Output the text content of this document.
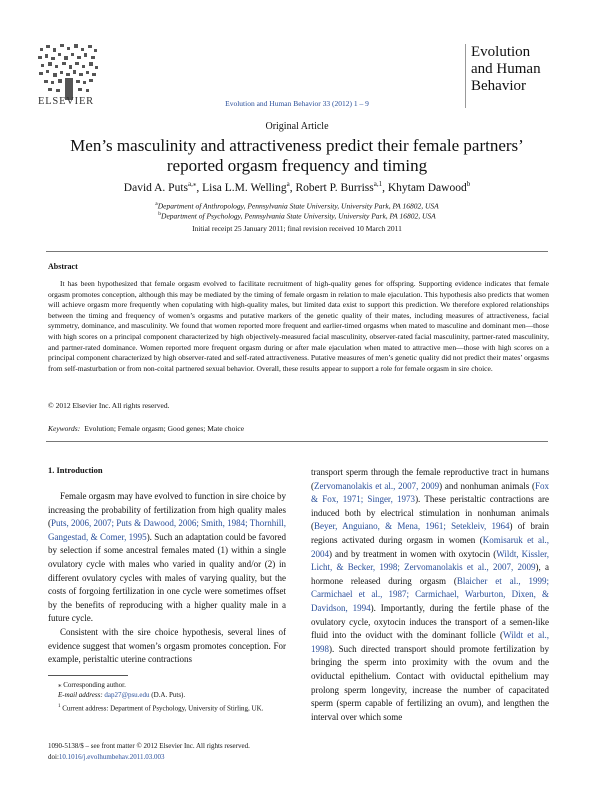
ELSEVIER	Evolution and Human Behavior 33 (2012) 1 – 9
Evolution
and Human
Behavior
Original Article
Men’s masculinity and attractiveness predict their female partners’
reported orgasm frequency and timing
David A. Puts$^{a,⁎}$, Lisa L.M. Welling$^a$, Robert P. Burriss$^{a,1}$, Khytam Dawood$^b$
$^a$Department of Anthropology, Pennsylvania State University, University Park, PA 16802, USA
$^b$Department of Psychology, Pennsylvania State University, University Park, PA 16802, USA
Initial receipt 25 January 2011; final revision received 10 March 2011
Abstract
It has been hypothesized that female orgasm evolved to facilitate recruitment of high-quality genes for offspring. Supporting evidence indicates that female orgasm promotes conception, although this may be mediated by the timing of female orgasm in relation to male ejaculation. This hypothesis also predicts that women will achieve orgasm more frequently when copulating with high-quality males, but limited data exist to support this prediction. We therefore explored relationships between the timing and frequency of women’s orgasms and putative markers of the genetic quality of their mates, including measures of attractiveness, facial symmetry, dominance, and masculinity. We found that women reported more frequent and earlier-timed orgasms when mated to masculine and dominant men—those with high scores on a principal component characterized by high objectively-measured facial masculinity, observer-rated facial masculinity, partner-rated masculinity, and partner-rated dominance. Women reported more frequent orgasm during or after male ejaculation when mated to attractive men—those with high scores on a principal component characterized by high observer-rated and self-rated attractiveness. Putative measures of men’s genetic quality did not predict their mates’ orgasms from self-masturbation or from non-coital partnered sexual behavior. Overall, these results appear to support a role for female orgasm in sire choice.
© 2012 Elsevier Inc. All rights reserved.
Keywords: Evolution; Female orgasm; Good genes; Mate choice
1. Introduction

Female orgasm may have evolved to function in sire choice by increasing the probability of fertilization from high quality males (Puts, 2006, 2007; Puts & Dawood, 2006; Smith, 1984; Thornhill, Gangestad, & Comer, 1995). Such an adaptation could be favored by selection if some ancestral females mated (1) within a single ovulatory cycle with males who varied in quality and/or (2) in different ovulatory cycles with males of varying quality, but the costs of forgoing fertilization in one cycle were sometimes offset by the benefits of reproducing with a higher quality male in a future cycle.

Consistent with the sire choice hypothesis, several lines of evidence suggest that women’s orgasm promotes conception. For example, peristaltic uterine contractions

transport sperm through the female reproductive tract in humans (Zervomanolakis et al., 2007, 2009) and nonhuman animals (Fox & Fox, 1971; Singer, 1973). These peristaltic contractions are induced both by electrical stimulation in nonhuman animals (Beyer, Anguiano, & Mena, 1961; Setekleiv, 1964) of brain regions activated during orgasm in women (Komisaruk et al., 2004) and by treatment in women with oxytocin (Wildt, Kissler, Licht, & Becker, 1998; Zervomanolakis et al., 2007, 2009), a hormone released during orgasm (Blaicher et al., 1999; Carmichael et al., 1987; Carmichael, Warburton, Dixen, & Davidson, 1994). Importantly, during the fertile phase of the ovulatory cycle, oxytocin induces the transport of a semen-like fluid into the oviduct with the dominant follicle (Wildt et al., 1998). Such directed transport should promote fertilization by bringing the sperm into proximity with the ovum and the oviductal epithelium. Contact with oviductal epithelium may prolong sperm longevity, increase the number of capacitated sperm (sperm capable of fertilizing an ovum), and lengthen the interval over which some

⁎ Corresponding author.
E-mail address: dap27@psu.edu (D.A. Puts).
$^1$ Current address: Department of Psychology, University of Stirling, UK.
1090-5138/$ – see front matter © 2012 Elsevier Inc. All rights reserved.
doi:10.1016/j.evolhumbehav.2011.03.003
